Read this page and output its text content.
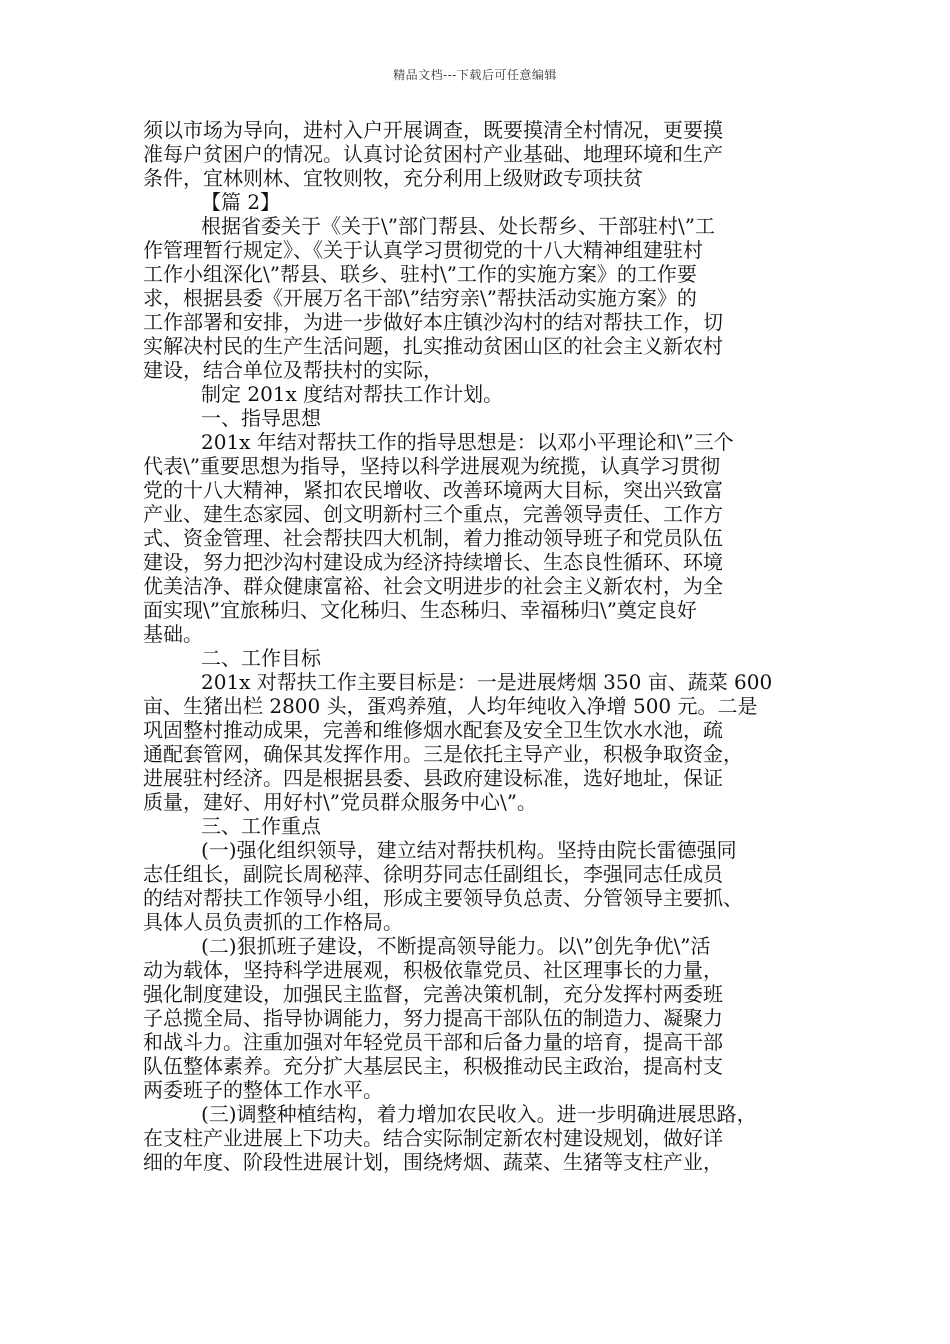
精品文档---下载后可任意编辑
须以市场为导向，进村入户开展调查，既要摸清全村情况，更要摸
准每户贫困户的情况。认真讨论贫困村产业基础、地理环境和生产
条件，宜林则林、宜牧则牧，充分利用上级财政专项扶贫
【篇 2】
根据省委关于《关于\”部门帮县、处长帮乡、干部驻村\”工
作管理暂行规定》、《关于认真学习贯彻党的十八大精神组建驻村
工作小组深化\”帮县、联乡、驻村\”工作的实施方案》的工作要
求，根据县委《开展万名干部\”结穷亲\”帮扶活动实施方案》的
工作部署和安排，为进一步做好本庄镇沙沟村的结对帮扶工作，切
实解决村民的生产生活问题，扎实推动贫困山区的社会主义新农村
建设，结合单位及帮扶村的实际，
制定 201x 度结对帮扶工作计划。
一、指导思想
201x 年结对帮扶工作的指导思想是：以邓小平理论和\”三个
代表\”重要思想为指导，坚持以科学进展观为统揽，认真学习贯彻
党的十八大精神，紧扣农民增收、改善环境两大目标，突出兴致富
产业、建生态家园、创文明新村三个重点，完善领导责任、工作方
式、资金管理、社会帮扶四大机制，着力推动领导班子和党员队伍
建设，努力把沙沟村建设成为经济持续增长、生态良性循环、环境
优美洁净、群众健康富裕、社会文明进步的社会主义新农村，为全
面实现\”宜旅秭归、文化秭归、生态秭归、幸福秭归\”奠定良好
基础。
二、工作目标
201x 对帮扶工作主要目标是：一是进展烤烟 350 亩、蔬菜 600
亩、生猪出栏 2800 头，蛋鸡养殖，人均年纯收入净增 500 元。二是
巩固整村推动成果，完善和维修烟水配套及安全卫生饮水水池，疏
通配套管网，确保其发挥作用。三是依托主导产业，积极争取资金，
进展驻村经济。四是根据县委、县政府建设标准，选好地址，保证
质量，建好、用好村\”党员群众服务中心\”。
三、工作重点
(一)强化组织领导，建立结对帮扶机构。坚持由院长雷德强同
志任组长，副院长周秘萍、徐明芬同志任副组长，李强同志任成员
的结对帮扶工作领导小组，形成主要领导负总责、分管领导主要抓、
具体人员负责抓的工作格局。
(二)狠抓班子建设，不断提高领导能力。以\”创先争优\”活
动为载体，坚持科学进展观，积极依靠党员、社区理事长的力量，
强化制度建设，加强民主监督，完善决策机制，充分发挥村两委班
子总揽全局、指导协调能力，努力提高干部队伍的制造力、凝聚力
和战斗力。注重加强对年轻党员干部和后备力量的培育，提高干部
队伍整体素养。充分扩大基层民主，积极推动民主政治，提高村支
两委班子的整体工作水平。
(三)调整种植结构，着力增加农民收入。进一步明确进展思路，
在支柱产业进展上下功夫。结合实际制定新农村建设规划，做好详
细的年度、阶段性进展计划，围绕烤烟、蔬菜、生猪等支柱产业，
